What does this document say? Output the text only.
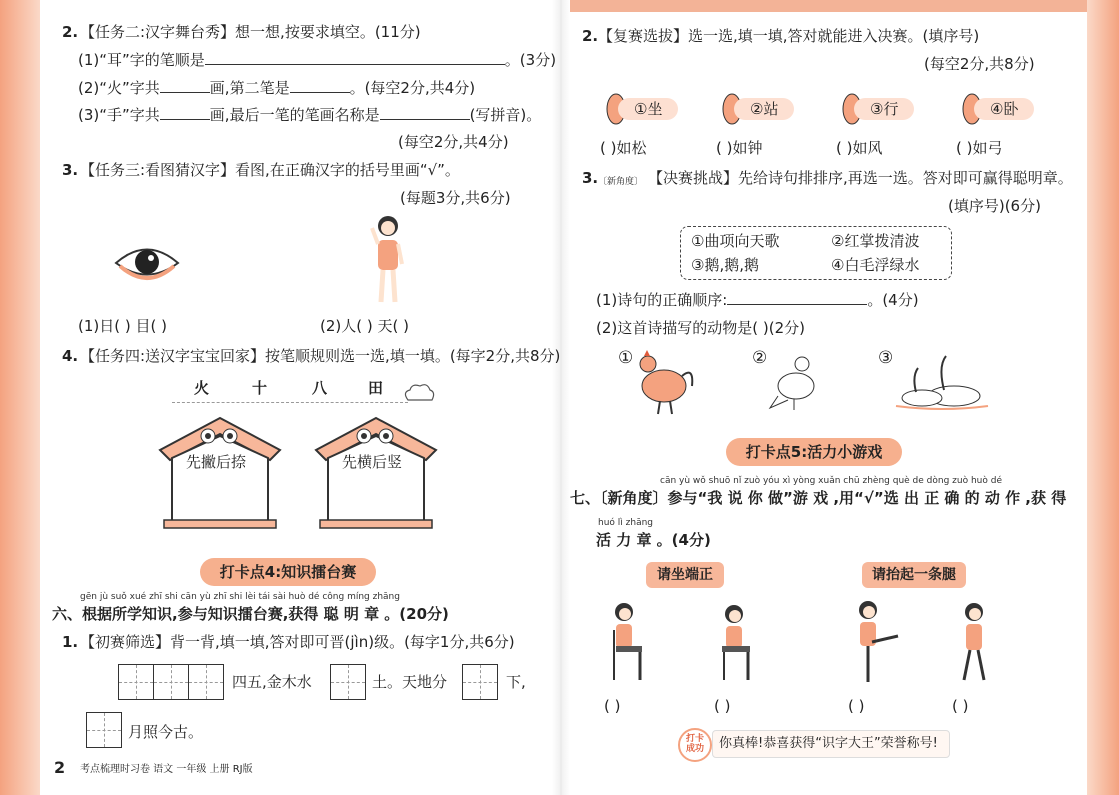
2. 【任务二:汉字舞台秀】想一想,按要求填空。(11分)
(1)“耳”字的笔顺是	。(3分)
(2)“火”字共	画,第二笔是	。(每空2分,共4分)
(3)“手”字共	画,最后一笔的笔画名称是	(写拼音)。
(每空2分,共4分)
3. 【任务三:看图猜汉字】看图,在正确汉字的括号里画“√”。
(每题3分,共6分)
(1)日( ) 目( )	(2)人( ) 天( )
4. 【任务四:送汉字宝宝回家】按笔顺规则选一选,填一填。(每字2分,共8分)
火	十	八	田
先撇后捺	先横后竖
打卡点4:知识擂台赛
gēn jù suǒ xué zhī shi cān yù zhī shi lèi tái sài huò dé công míng zhāng
六、根据所学知识,参与知识擂台赛,获得 聪 明 章 。(20分)
1. 【初赛筛选】背一背,填一填,答对即可晋(jìn)级。(每字1分,共6分)
四五,金木水	土。天地分	下,
月照今古。
2 考点梳理时习卷 语文 一年级 上册 RJ版
2. 【复赛选拔】选一选,填一填,答对就能进入决赛。(填序号)
(每空2分,共8分)
①坐	②站	③行	④卧
( )如松	( )如钟	( )如风	( )如弓
3. 〔新角度〕 【决赛挑战】先给诗句排排序,再选一选。答对即可赢得聪明章。
(填序号)(6分)
①曲项向天歌	②红掌拨清波
③鹅,鹅,鹅	④白毛浮绿水
(1)诗句的正确顺序:	。(4分)
(2)这首诗描写的动物是( )(2分)
①	②	③
打卡点5:活力小游戏
cān yù wǒ shuō nǐ zuò yóu xì yòng xuǎn chū zhèng què de dòng zuò huò dé
七、〔新角度〕参与“我 说 你 做”游 戏 ,用“√”选 出 正 确 的 动 作 ,获 得
huó lì zhāng
活 力 章 。(4分)
请坐端正	请抬起一条腿
( )	( )	( )	( )
打卡成功	你真棒!恭喜获得“识字大王”荣誉称号!
